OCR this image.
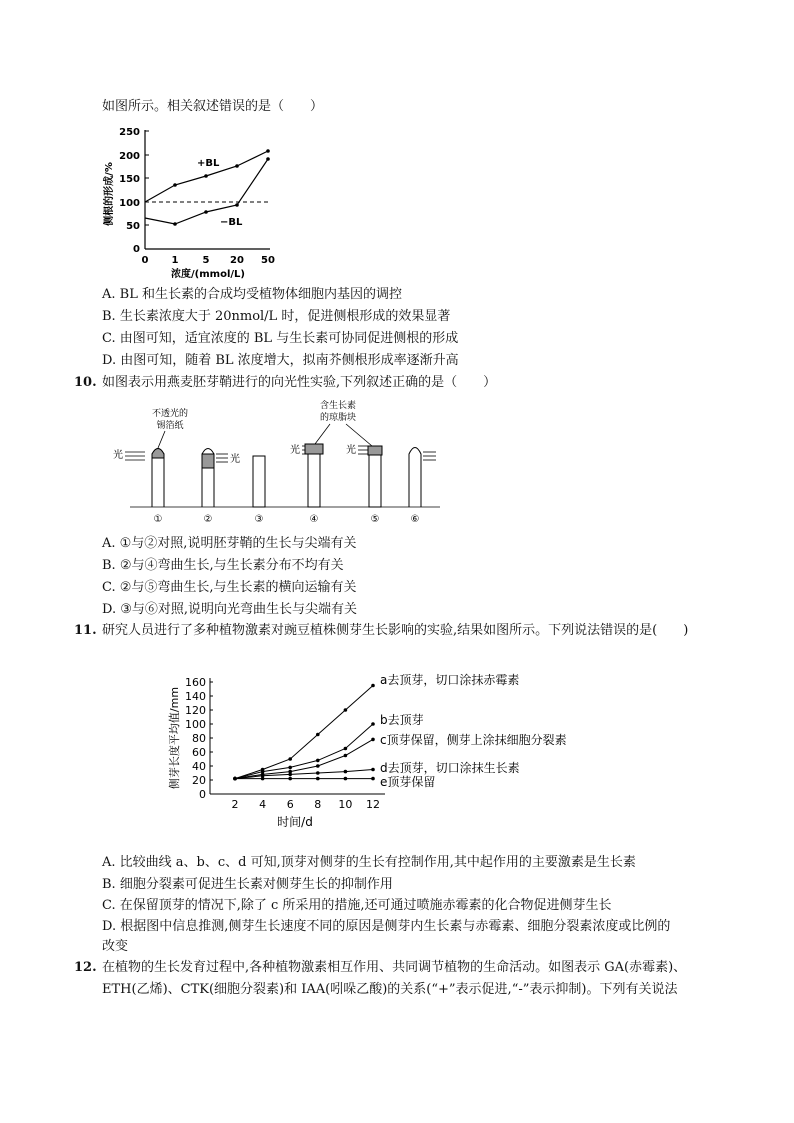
如图所示。相关叙述错误的是（　　）
侧根的形成/%
250
200
150
100
50
0
0 1 5 20 50
浓度/(mmol/L)
+BL
−BL
A. BL 和生长素的合成均受植物体细胞内基因的调控
B. 生长素浓度大于 20nmol/L 时，促进侧根形成的效果显著
C. 由图可知，适宜浓度的 BL 与生长素可协同促进侧根的形成
D. 由图可知，随着 BL 浓度增大，拟南芥侧根形成率逐渐升高
10. 如图表示用燕麦胚芽鞘进行的向光性实验,下列叙述正确的是（　　）
不透光的
锡箔纸
含生长素
的琼脂块
光
①
光
②	③
光
④
光
⑤	⑥
A. ①与②对照,说明胚芽鞘的生长与尖端有关
B. ②与④弯曲生长,与生长素分布不均有关
C. ②与⑤弯曲生长,与生长素的横向运输有关
D. ③与⑥对照,说明向光弯曲生长与尖端有关
11. 研究人员进行了多种植物激素对豌豆植株侧芽生长影响的实验,结果如图所示。下列说法错误的是(　　)
侧芽长度平均值/mm
160
140
120
100
80
60
40
20
0
2 4 6 8 10 12
时间/d
a去顶芽，切口涂抹赤霉素
b去顶芽
c顶芽保留，侧芽上涂抹细胞分裂素
d去顶芽，切口涂抹生长素
e顶芽保留
A. 比较曲线 a、b、c、d 可知,顶芽对侧芽的生长有控制作用,其中起作用的主要激素是生长素
B. 细胞分裂素可促进生长素对侧芽生长的抑制作用
C. 在保留顶芽的情况下,除了 c 所采用的措施,还可通过喷施赤霉素的化合物促进侧芽生长
D. 根据图中信息推测,侧芽生长速度不同的原因是侧芽内生长素与赤霉素、细胞分裂素浓度或比例的
改变
12. 在植物的生长发育过程中,各种植物激素相互作用、共同调节植物的生命活动。如图表示 GA(赤霉素)、
ETH(乙烯)、CTK(细胞分裂素)和 IAA(吲哚乙酸)的关系(“+”表示促进,“-”表示抑制)。下列有关说法
